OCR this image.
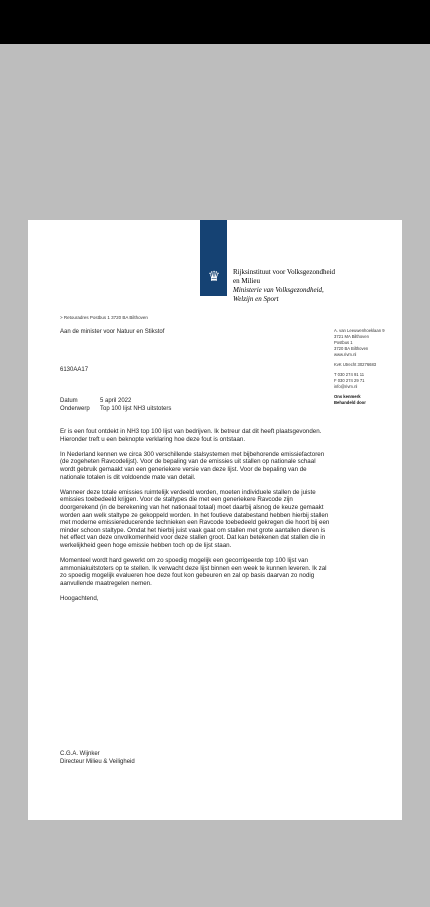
♛	Rijksinstituut voor Volksgezondheid
en Milieu
Ministerie van Volksgezondheid,
Welzijn en Sport
> Retouradres Postbus 1 3720 BA Bilthoven
Aan de minister voor Natuur en Stikstof
6130AA17
A. van Leeuwenhoeklaan 9
3721 MA Bilthoven
Postbus 1
3720 BA Bilthoven
www.rivm.nl
KvK Utrecht 30276683
T 030 274 91 11
F 030 274 29 71
info@rivm.nl
Ons kenmerk
Behandeld door
Datum	5 april 2022
Onderwerp	Top 100 lijst NH3 uitstoters

Er is een fout ontdekt in NH3 top 100 lijst van bedrijven. Ik betreur dat dit heeft plaatsgevonden. Hieronder treft u een beknopte verklaring hoe deze fout is ontstaan.

In Nederland kennen we circa 300 verschillende stalsystemen met bijbehorende emissiefactoren (de zogeheten Ravcodelijst). Voor de bepaling van de emissies uit stallen op nationale schaal wordt gebruik gemaakt van een generiekere versie van deze lijst. Voor de bepaling van de nationale totalen is dit voldoende mate van detail.

Wanneer deze totale emissies ruimtelijk verdeeld worden, moeten individuele stallen de juiste emissies toebedeeld krijgen. Voor de staltypes die met een generiekere Ravcode zijn doorgerekend (in de berekening van het nationaal totaal) moet daarbij alsnog de keuze gemaakt worden aan welk staltype ze gekoppeld worden. In het foutieve databestand hebben hierbij stallen met moderne emissiereducerende technieken een Ravcode toebedeeld gekregen die hoort bij een minder schoon staltype. Omdat het hierbij juist vaak gaat om stallen met grote aantallen dieren is het effect van deze onvolkomenheid voor deze stallen groot. Dat kan betekenen dat stallen die in werkelijkheid geen hoge emissie hebben toch op de lijst staan.

Momenteel wordt hard gewerkt om zo spoedig mogelijk een gecorrigeerde top 100 lijst van ammoniakuitstoters op te stellen. Ik verwacht deze lijst binnen een week te kunnen leveren. Ik zal zo spoedig mogelijk evalueren hoe deze fout kon gebeuren en zal op basis daarvan zo nodig aanvullende maatregelen nemen.

Hoogachtend,

C.G.A. Wijnker
Directeur Milieu & Veiligheid
